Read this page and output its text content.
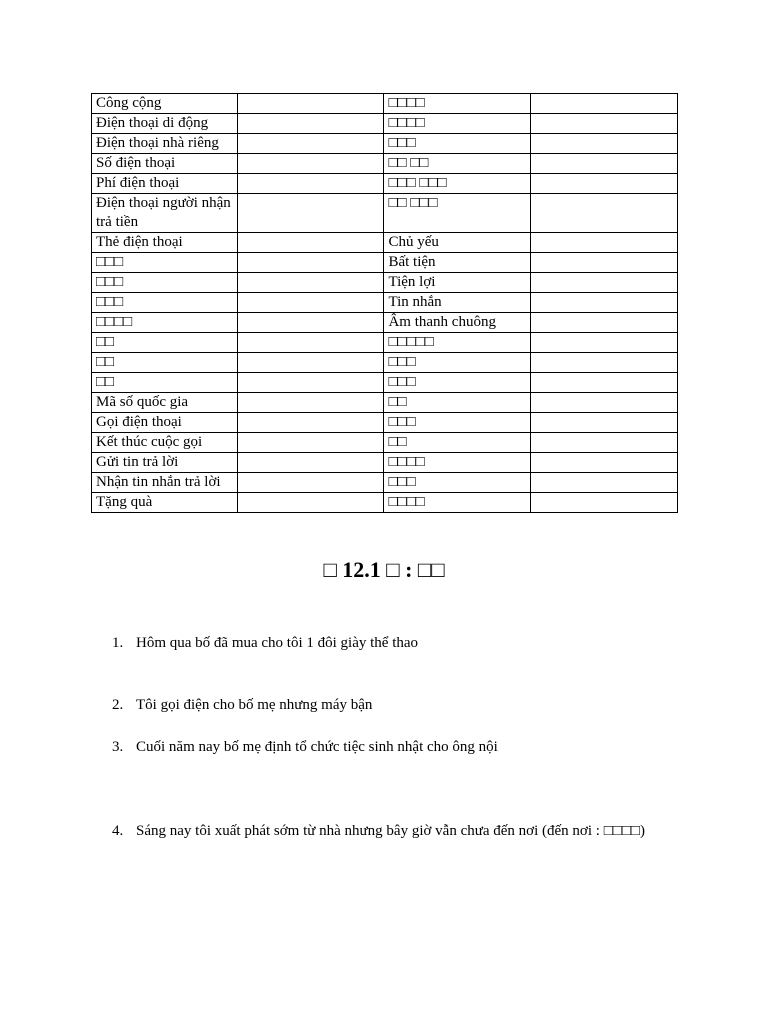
Công cộng		□□□□	
Điện thoại di động		□□□□	
Điện thoại nhà riêng		□□□	
Số điện thoại		□□ □□	
Phí điện thoại		□□□ □□□	
Điện thoại người nhận trả tiền		□□ □□□	
Thẻ điện thoại		Chủ yếu	
□□□		Bất tiện	
□□□		Tiện lợi	
□□□		Tin nhắn	
□□□□		Âm thanh chuông	
□□		□□□□□	
□□		□□□	
□□		□□□	
Mã số quốc gia		□□	
Gọi điện thoại		□□□	
Kết thúc cuộc gọi		□□	
Gửi tin trả lời		□□□□	
Nhận tin nhắn trả lời		□□□	
Tặng quà		□□□□	
□ 12.1 □ : □□
1. Hôm qua bố đã mua cho tôi 1 đôi giày thể thao
2. Tôi gọi điện cho bố mẹ nhưng máy bận
3. Cuối năm nay bố mẹ định tổ chức tiệc sinh nhật cho ông nội
4. Sáng nay tôi xuất phát sớm từ nhà nhưng bây giờ vẫn chưa đến nơi (đến nơi : □□□□)
